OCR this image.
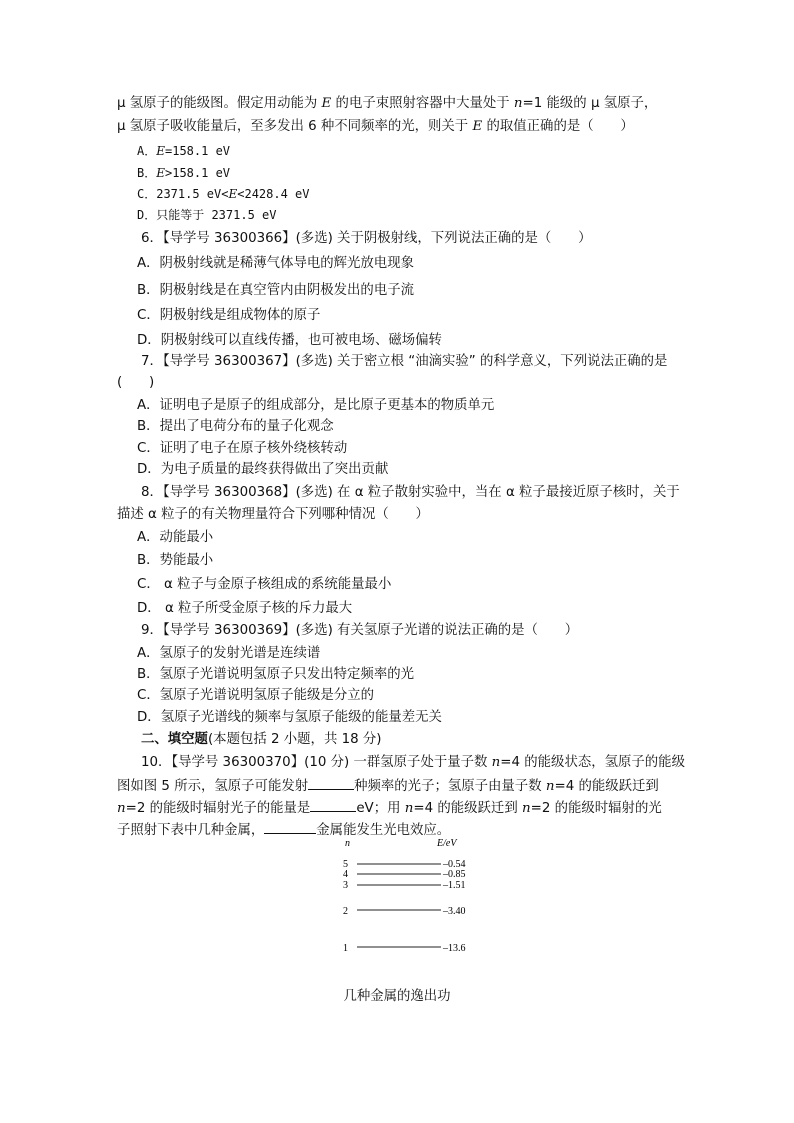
μ 氢原子的能级图。假定用动能为 E 的电子束照射容器中大量处于 n=1 能级的 μ 氢原子，
μ 氢原子吸收能量后，至多发出 6 种不同频率的光，则关于 E 的取值正确的是（　　）
A．E=158.1 eV
B．E>158.1 eV
C．2371.5 eV<E<2428.4 eV
D．只能等于 2371.5 eV
6．【导学号 36300366】(多选) 关于阴极射线，下列说法正确的是（　　）
A．阴极射线就是稀薄气体导电的辉光放电现象
B．阴极射线是在真空管内由阴极发出的电子流
C．阴极射线是组成物体的原子
D．阴极射线可以直线传播，也可被电场、磁场偏转
7．【导学号 36300367】(多选) 关于密立根 “油滴实验” 的科学意义，下列说法正确的是
(　　)
A．证明电子是原子的组成部分，是比原子更基本的物质单元
B．提出了电荷分布的量子化观念
C．证明了电子在原子核外绕核转动
D．为电子质量的最终获得做出了突出贡献
8．【导学号 36300368】(多选) 在 α 粒子散射实验中，当在 α 粒子最接近原子核时，关于
描述 α 粒子的有关物理量符合下列哪种情况（　　）
A．动能最小
B．势能最小
C． α 粒子与金原子核组成的系统能量最小
D． α 粒子所受金原子核的斥力最大
9．【导学号 36300369】(多选) 有关氢原子光谱的说法正确的是（　　）
A．氢原子的发射光谱是连续谱
B．氢原子光谱说明氢原子只发出特定频率的光
C．氢原子光谱说明氢原子能级是分立的
D．氢原子光谱线的频率与氢原子能级的能量差无关
二、填空题(本题包括 2 小题，共 18 分)
10．【导学号 36300370】(10 分) 一群氢原子处于量子数 n=4 的能级状态，氢原子的能级
图如图 5 所示，氢原子可能发射	种频率的光子；氢原子由量子数 n=4 的能级跃迁到
n=2 的能级时辐射光子的能量是	eV；用 n=4 的能级跃迁到 n=2 的能级时辐射的光
子照射下表中几种金属，	金属能发生光电效应。
n	E/eV
5	–0.54
4	–0.85
3	–1.51
2	–3.40
1	–13.6
几种金属的逸出功
